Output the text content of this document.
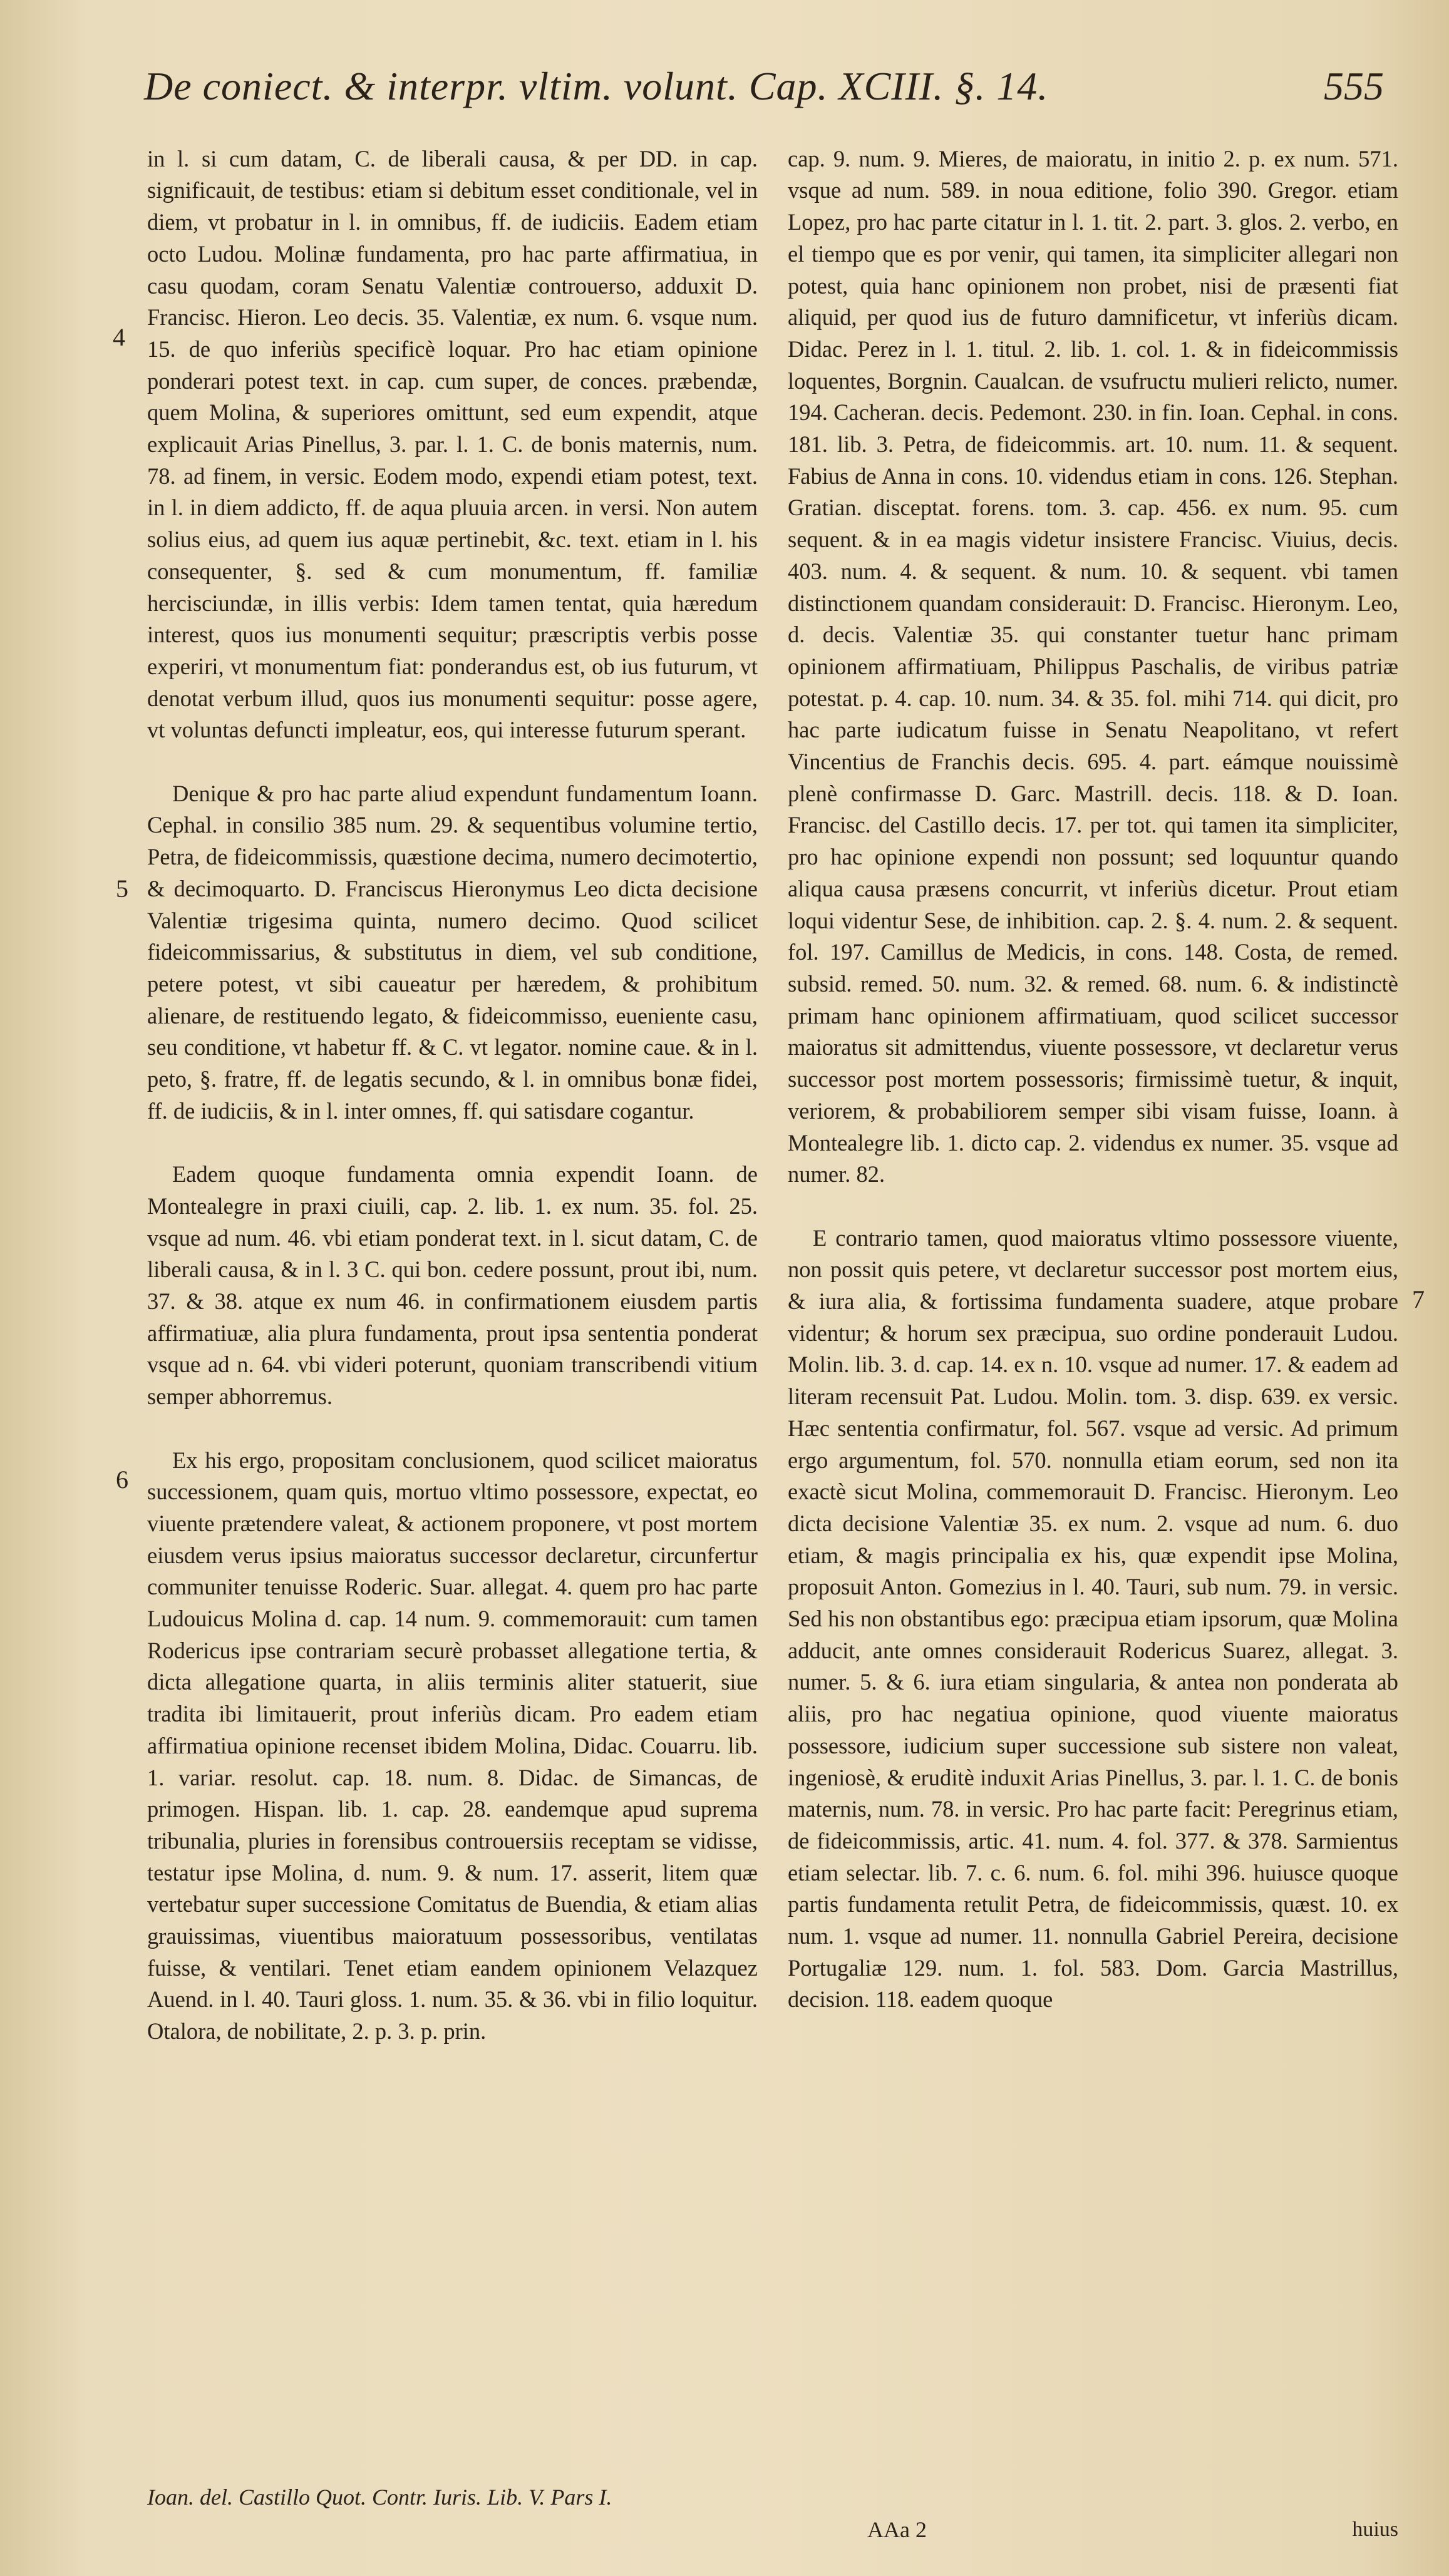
De coniect. & interpr. vltim. volunt. Cap. XCIII. §. 14.	555
4
5
6
7

in l. si cum datam, C. de liberali causa, & per DD. in cap. significauit, de testibus: etiam si debitum esset conditionale, vel in diem, vt probatur in l. in omnibus, ff. de iudiciis. Eadem etiam octo Ludou. Molinæ fundamenta, pro hac parte affirmatiua, in casu quodam, coram Senatu Valentiæ controuerso, adduxit D. Francisc. Hieron. Leo decis. 35. Valentiæ, ex num. 6. vsque num. 15. de quo inferiùs specificè loquar. Pro hac etiam opinione ponderari potest text. in cap. cum super, de conces. præbendæ, quem Molina, & superiores omittunt, sed eum expendit, atque explicauit Arias Pinellus, 3. par. l. 1. C. de bonis maternis, num. 78. ad finem, in versic. Eodem modo, expendi etiam potest, text. in l. in diem addicto, ff. de aqua pluuia arcen. in versi. Non autem solius eius, ad quem ius aquæ pertinebit, &c. text. etiam in l. his consequenter, §. sed & cum monumentum, ff. familiæ hercisciundæ, in illis verbis: Idem tamen tentat, quia hæredum interest, quos ius monumenti sequitur; præscriptis verbis posse experiri, vt monumentum fiat: ponderandus est, ob ius futurum, vt denotat verbum illud, quos ius monumenti sequitur: posse agere, vt voluntas defuncti impleatur, eos, qui interesse futurum sperant.

Denique & pro hac parte aliud expendunt fundamentum Ioann. Cephal. in consilio 385 num. 29. & sequentibus volumine tertio, Petra, de fideicommissis, quæstione decima, numero decimotertio, & decimoquarto. D. Franciscus Hieronymus Leo dicta decisione Valentiæ trigesima quinta, numero decimo. Quod scilicet fideicommissarius, & substitutus in diem, vel sub conditione, petere potest, vt sibi caueatur per hæredem, & prohibitum alienare, de restituendo legato, & fideicommisso, eueniente casu, seu conditione, vt habetur ff. & C. vt legator. nomine caue. & in l. peto, §. fratre, ff. de legatis secundo, & l. in omnibus bonæ fidei, ff. de iudiciis, & in l. inter omnes, ff. qui satisdare cogantur.

Eadem quoque fundamenta omnia expendit Ioann. de Montealegre in praxi ciuili, cap. 2. lib. 1. ex num. 35. fol. 25. vsque ad num. 46. vbi etiam ponderat text. in l. sicut datam, C. de liberali causa, & in l. 3 C. qui bon. cedere possunt, prout ibi, num. 37. & 38. atque ex num 46. in confirmationem eiusdem partis affirmatiuæ, alia plura fundamenta, prout ipsa sententia ponderat vsque ad n. 64. vbi videri poterunt, quoniam transcribendi vitium semper abhorremus.

Ex his ergo, propositam conclusionem, quod scilicet maioratus successionem, quam quis, mortuo vltimo possessore, expectat, eo viuente prætendere valeat, & actionem proponere, vt post mortem eiusdem verus ipsius maioratus successor declaretur, circunfertur communiter tenuisse Roderic. Suar. allegat. 4. quem pro hac parte Ludouicus Molina d. cap. 14 num. 9. commemorauit: cum tamen Rodericus ipse contrariam securè probasset allegatione tertia, & dicta allegatione quarta, in aliis terminis aliter statuerit, siue tradita ibi limitauerit, prout inferiùs dicam. Pro eadem etiam affirmatiua opinione recenset ibidem Molina, Didac. Couarru. lib. 1. variar. resolut. cap. 18. num. 8. Didac. de Simancas, de primogen. Hispan. lib. 1. cap. 28. eandemque apud suprema tribunalia, pluries in forensibus controuersiis receptam se vidisse, testatur ipse Molina, d. num. 9. & num. 17. asserit, litem quæ vertebatur super successione Comitatus de Buendia, & etiam alias grauissimas, viuentibus maioratuum possessoribus, ventilatas fuisse, & ventilari. Tenet etiam eandem opinionem Velazquez Auend. in l. 40. Tauri gloss. 1. num. 35. & 36. vbi in filio loquitur. Otalora, de nobilitate, 2. p. 3. p. prin.

cap. 9. num. 9. Mieres, de maioratu, in initio 2. p. ex num. 571. vsque ad num. 589. in noua editione, folio 390. Gregor. etiam Lopez, pro hac parte citatur in l. 1. tit. 2. part. 3. glos. 2. verbo, en el tiempo que es por venir, qui tamen, ita simpliciter allegari non potest, quia hanc opinionem non probet, nisi de præsenti fiat aliquid, per quod ius de futuro damnificetur, vt inferiùs dicam. Didac. Perez in l. 1. titul. 2. lib. 1. col. 1. & in fideicommissis loquentes, Borgnin. Caualcan. de vsufructu mulieri relicto, numer. 194. Cacheran. decis. Pedemont. 230. in fin. Ioan. Cephal. in cons. 181. lib. 3. Petra, de fideicommis. art. 10. num. 11. & sequent. Fabius de Anna in cons. 10. videndus etiam in cons. 126. Stephan. Gratian. disceptat. forens. tom. 3. cap. 456. ex num. 95. cum sequent. & in ea magis videtur insistere Francisc. Viuius, decis. 403. num. 4. & sequent. & num. 10. & sequent. vbi tamen distinctionem quandam considerauit: D. Francisc. Hieronym. Leo, d. decis. Valentiæ 35. qui constanter tuetur hanc primam opinionem affirmatiuam, Philippus Paschalis, de viribus patriæ potestat. p. 4. cap. 10. num. 34. & 35. fol. mihi 714. qui dicit, pro hac parte iudicatum fuisse in Senatu Neapolitano, vt refert Vincentius de Franchis decis. 695. 4. part. eámque nouissimè plenè confirmasse D. Garc. Mastrill. decis. 118. & D. Ioan. Francisc. del Castillo decis. 17. per tot. qui tamen ita simpliciter, pro hac opinione expendi non possunt; sed loquuntur quando aliqua causa præsens concurrit, vt inferiùs dicetur. Prout etiam loqui videntur Sese, de inhibition. cap. 2. §. 4. num. 2. & sequent. fol. 197. Camillus de Medicis, in cons. 148. Costa, de remed. subsid. remed. 50. num. 32. & remed. 68. num. 6. & indistinctè primam hanc opinionem affirmatiuam, quod scilicet successor maioratus sit admittendus, viuente possessore, vt declaretur verus successor post mortem possessoris; firmissimè tuetur, & inquit, veriorem, & probabiliorem semper sibi visam fuisse, Ioann. à Montealegre lib. 1. dicto cap. 2. videndus ex numer. 35. vsque ad numer. 82.

E contrario tamen, quod maioratus vltimo possessore viuente, non possit quis petere, vt declaretur successor post mortem eius, & iura alia, & fortissima fundamenta suadere, atque probare videntur; & horum sex præcipua, suo ordine ponderauit Ludou. Molin. lib. 3. d. cap. 14. ex n. 10. vsque ad numer. 17. & eadem ad literam recensuit Pat. Ludou. Molin. tom. 3. disp. 639. ex versic. Hæc sententia confirmatur, fol. 567. vsque ad versic. Ad primum ergo argumentum, fol. 570. nonnulla etiam eorum, sed non ita exactè sicut Molina, commemorauit D. Francisc. Hieronym. Leo dicta decisione Valentiæ 35. ex num. 2. vsque ad num. 6. duo etiam, & magis principalia ex his, quæ expendit ipse Molina, proposuit Anton. Gomezius in l. 40. Tauri, sub num. 79. in versic. Sed his non obstantibus ego: præcipua etiam ipsorum, quæ Molina adducit, ante omnes considerauit Rodericus Suarez, allegat. 3. numer. 5. & 6. iura etiam singularia, & antea non ponderata ab aliis, pro hac negatiua opinione, quod viuente maioratus possessore, iudicium super successione sub sistere non valeat, ingeniosè, & eruditè induxit Arias Pinellus, 3. par. l. 1. C. de bonis maternis, num. 78. in versic. Pro hac parte facit: Peregrinus etiam, de fideicommissis, artic. 41. num. 4. fol. 377. & 378. Sarmientus etiam selectar. lib. 7. c. 6. num. 6. fol. mihi 396. huiusce quoque partis fundamenta retulit Petra, de fideicommissis, quæst. 10. ex num. 1. vsque ad numer. 11. nonnulla Gabriel Pereira, decisione Portugaliæ 129. num. 1. fol. 583. Dom. Garcia Mastrillus, decision. 118. eadem quoque

Ioan. del. Castillo Quot. Contr. Iuris. Lib. V. Pars I.
AAa 2	huius
